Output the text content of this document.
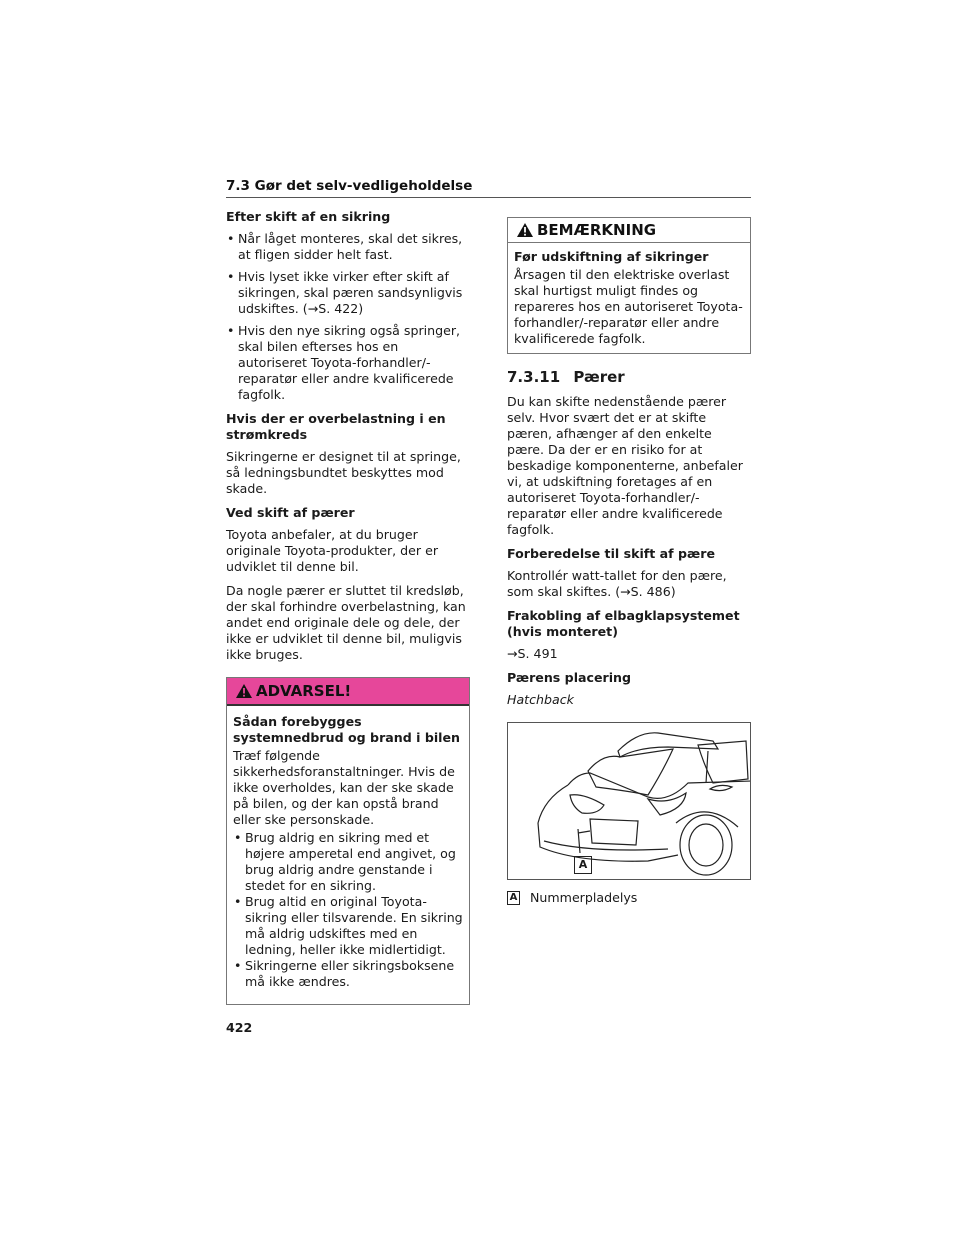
7.3 Gør det selv-vedligeholdelse

Efter skift af en sikring

• Når låget monteres, skal det sikres, at fligen sidder helt fast.
• Hvis lyset ikke virker efter skift af sikringen, skal pæren sandsynligvis udskiftes. (→S. 422)
• Hvis den nye sikring også springer, skal bilen efterses hos en autoriseret Toyota-forhandler/-reparatør eller andre kvalificerede fagfolk.

Hvis der er overbelastning i en strømkreds

Sikringerne er designet til at springe, så ledningsbundtet beskyttes mod skade.

Ved skift af pærer

Toyota anbefaler, at du bruger originale Toyota-produkter, der er udviklet til denne bil.

Da nogle pærer er sluttet til kredsløb, der skal forhindre overbelastning, kan andet end originale dele og dele, der ikke er udviklet til denne bil, muligvis ikke bruges.

ADVARSEL!

Sådan forebygges systemnedbrud og brand i bilen

Træf følgende sikkerhedsforanstaltninger. Hvis de ikke overholdes, kan der ske skade på bilen, og der kan opstå brand eller ske personskade.

• Brug aldrig en sikring med et højere amperetal end angivet, og brug aldrig andre genstande i stedet for en sikring.
• Brug altid en original Toyota-sikring eller tilsvarende. En sikring må aldrig udskiftes med en ledning, heller ikke midlertidigt.
• Sikringerne eller sikringsboksene må ikke ændres.
BEMÆRKNING

Før udskiftning af sikringer

Årsagen til den elektriske overlast skal hurtigst muligt findes og repareres hos en autoriseret Toyota-forhandler/-reparatør eller andre kvalificerede fagfolk.

7.3.11 Pærer

Du kan skifte nedenstående pærer selv. Hvor svært det er at skifte pæren, afhænger af den enkelte pære. Da der er en risiko for at beskadige komponenterne, anbefaler vi, at udskiftning foretages af en autoriseret Toyota-forhandler/-reparatør eller andre kvalificerede fagfolk.

Forberedelse til skift af pære

Kontrollér watt-tallet for den pære, som skal skiftes. (→S. 486)

Frakobling af elbagklapsystemet (hvis monteret)

→S. 491

Pærens placering

Hatchback

A
A Nummerpladelys
422
